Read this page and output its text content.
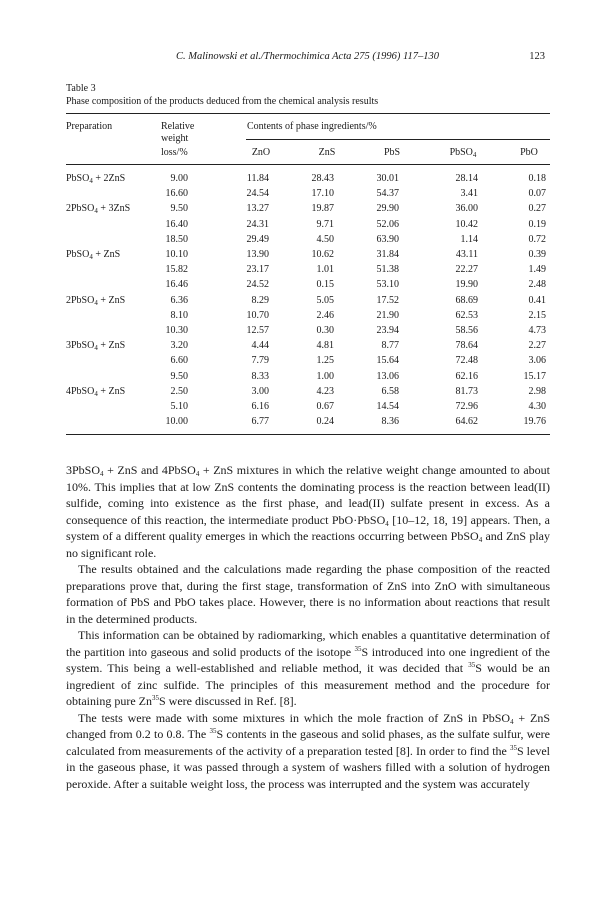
C. Malinowski et al./Thermochimica Acta 275 (1996) 117–130	123
Table 3
Phase composition of the products deduced from the chemical analysis results
Preparation	Relative
weight
loss/%
Contents of phase ingredients/%
ZnO	ZnS	PbS	PbSO$_4$	PbO
PbSO$_4$ + 2ZnS	9.00	11.84	28.43	30.01	28.14	0.18
16.60	24.54	17.10	54.37	3.41	0.07
2PbSO$_4$ + 3ZnS	9.50	13.27	19.87	29.90	36.00	0.27
16.40	24.31	9.71	52.06	10.42	0.19
18.50	29.49	4.50	63.90	1.14	0.72
PbSO$_4$ + ZnS	10.10	13.90	10.62	31.84	43.11	0.39
15.82	23.17	1.01	51.38	22.27	1.49
16.46	24.52	0.15	53.10	19.90	2.48
2PbSO$_4$ + ZnS	6.36	8.29	5.05	17.52	68.69	0.41
8.10	10.70	2.46	21.90	62.53	2.15
10.30	12.57	0.30	23.94	58.56	4.73
3PbSO$_4$ + ZnS	3.20	4.44	4.81	8.77	78.64	2.27
6.60	7.79	1.25	15.64	72.48	3.06
9.50	8.33	1.00	13.06	62.16	15.17
4PbSO$_4$ + ZnS	2.50	3.00	4.23	6.58	81.73	2.98
5.10	6.16	0.67	14.54	72.96	4.30
10.00	6.77	0.24	8.36	64.62	19.76

3PbSO$_4$ + ZnS and 4PbSO$_4$ + ZnS mixtures in which the relative weight change amounted to about 10%. This implies that at low ZnS contents the dominating process is the reaction between lead(II) sulfide, coming into existence as the first phase, and lead(II) sulfate present in excess. As a consequence of this reaction, the intermediate product PbO·PbSO$_4$ [10–12, 18, 19] appears. Then, a system of a different quality emerges in which the reactions occurring between PbSO$_4$ and ZnS play no significant role.

The results obtained and the calculations made regarding the phase composition of the reacted preparations prove that, during the first stage, transformation of ZnS into ZnO with simultaneous formation of PbS and PbO takes place. However, there is no information about reactions that result in the determined products.

This information can be obtained by radiomarking, which enables a quantitative determination of the partition into gaseous and solid products of the isotope $^{35}$S introduced into one ingredient of the system. This being a well-established and reliable method, it was decided that $^{35}$S would be an ingredient of zinc sulfide. The principles of this measurement method and the procedure for obtaining pure Zn$^{35}$S were discussed in Ref. [8].

The tests were made with some mixtures in which the mole fraction of ZnS in PbSO$_4$ + ZnS changed from 0.2 to 0.8. The $^{35}$S contents in the gaseous and solid phases, as the sulfate sulfur, were calculated from measurements of the activity of a preparation tested [8]. In order to find the $^{35}$S level in the gaseous phase, it was passed through a system of washers filled with a solution of hydrogen peroxide. After a suitable weight loss, the process was interrupted and the system was accurately
